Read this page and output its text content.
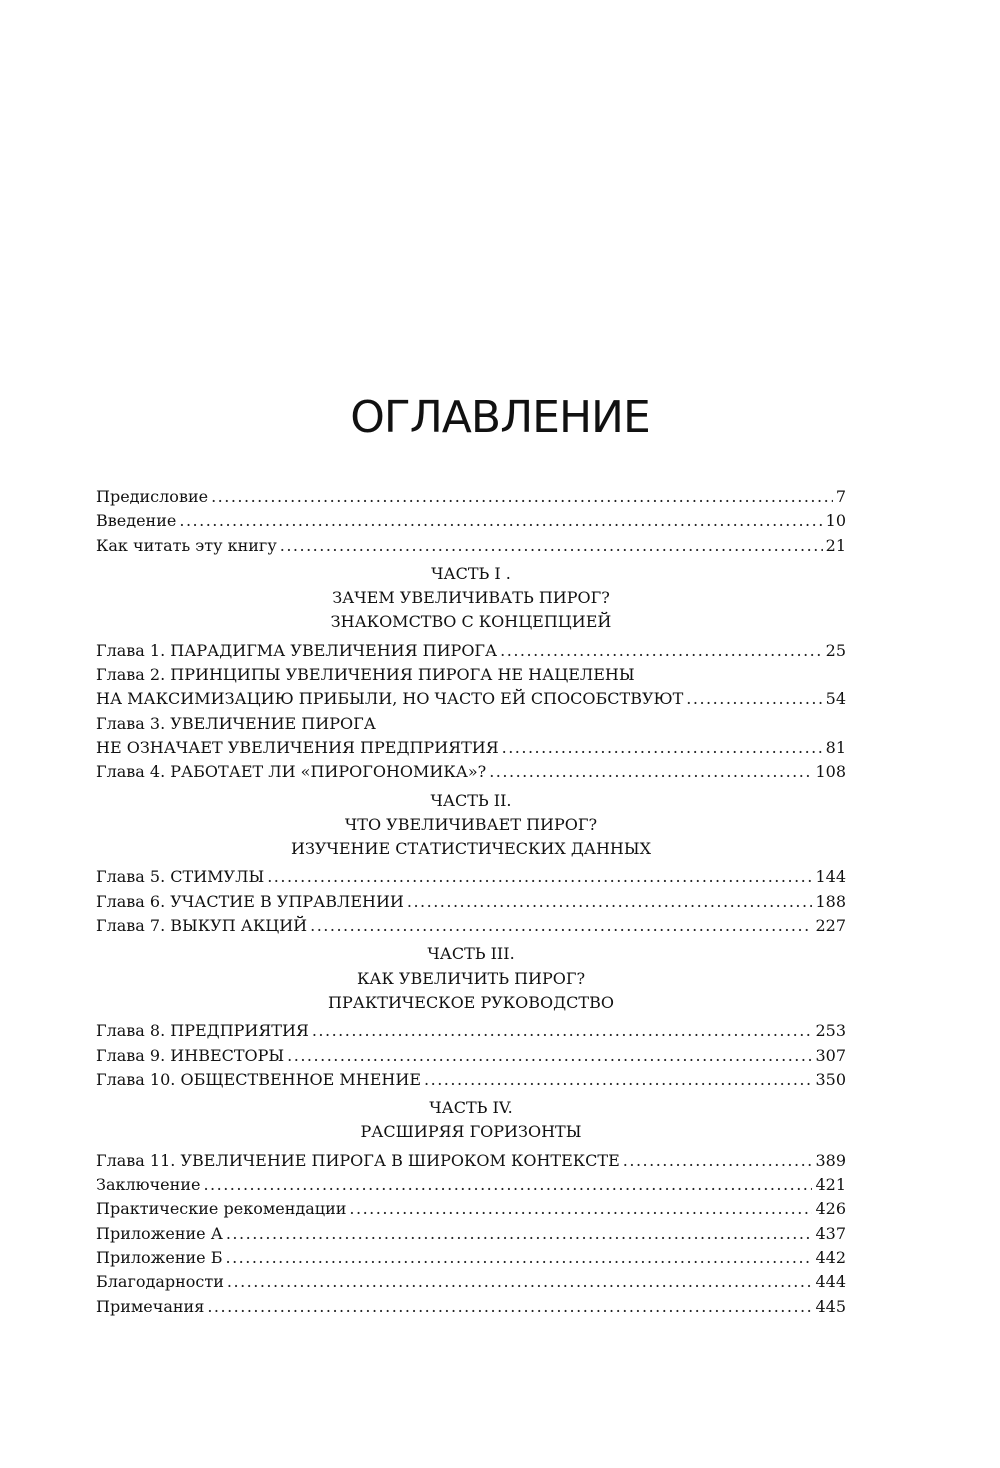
ОГЛАВЛЕНИЕ
Предисловие .....	7
Введение .....	10
Как читать эту книгу .....	21
ЧАСТЬ I .
ЗАЧЕМ УВЕЛИЧИВАТЬ ПИРОГ?
ЗНАКОМСТВО С КОНЦЕПЦИЕЙ
Глава 1. ПАРАДИГМА УВЕЛИЧЕНИЯ ПИРОГА .....	25
Глава 2. ПРИНЦИПЫ УВЕЛИЧЕНИЯ ПИРОГА НЕ НАЦЕЛЕНЫ
НА МАКСИМИЗАЦИЮ ПРИБЫЛИ, НО ЧАСТО ЕЙ СПОСОБСТВУЮТ .....	54
Глава 3. УВЕЛИЧЕНИЕ ПИРОГА
НЕ ОЗНАЧАЕТ УВЕЛИЧЕНИЯ ПРЕДПРИЯТИЯ .....	81
Глава 4. РАБОТАЕТ ЛИ «ПИРОГОНОМИКА»? .....	108
ЧАСТЬ II.
ЧТО УВЕЛИЧИВАЕТ ПИРОГ?
ИЗУЧЕНИЕ СТАТИСТИЧЕСКИХ ДАННЫХ
Глава 5. СТИМУЛЫ .....	144
Глава 6. УЧАСТИЕ В УПРАВЛЕНИИ .....	188
Глава 7. ВЫКУП АКЦИЙ .....	227
ЧАСТЬ III.
КАК УВЕЛИЧИТЬ ПИРОГ?
ПРАКТИЧЕСКОЕ РУКОВОДСТВО
Глава 8. ПРЕДПРИЯТИЯ .....	253
Глава 9. ИНВЕСТОРЫ .....	307
Глава 10. ОБЩЕСТВЕННОЕ МНЕНИЕ .....	350
ЧАСТЬ IV.
РАСШИРЯЯ ГОРИЗОНТЫ
Глава 11. УВЕЛИЧЕНИЕ ПИРОГА В ШИРОКОМ КОНТЕКСТЕ .....	389
Заключение .....	421
Практические рекомендации .....	426
Приложение А .....	437
Приложение Б .....	442
Благодарности .....	444
Примечания .....	445
